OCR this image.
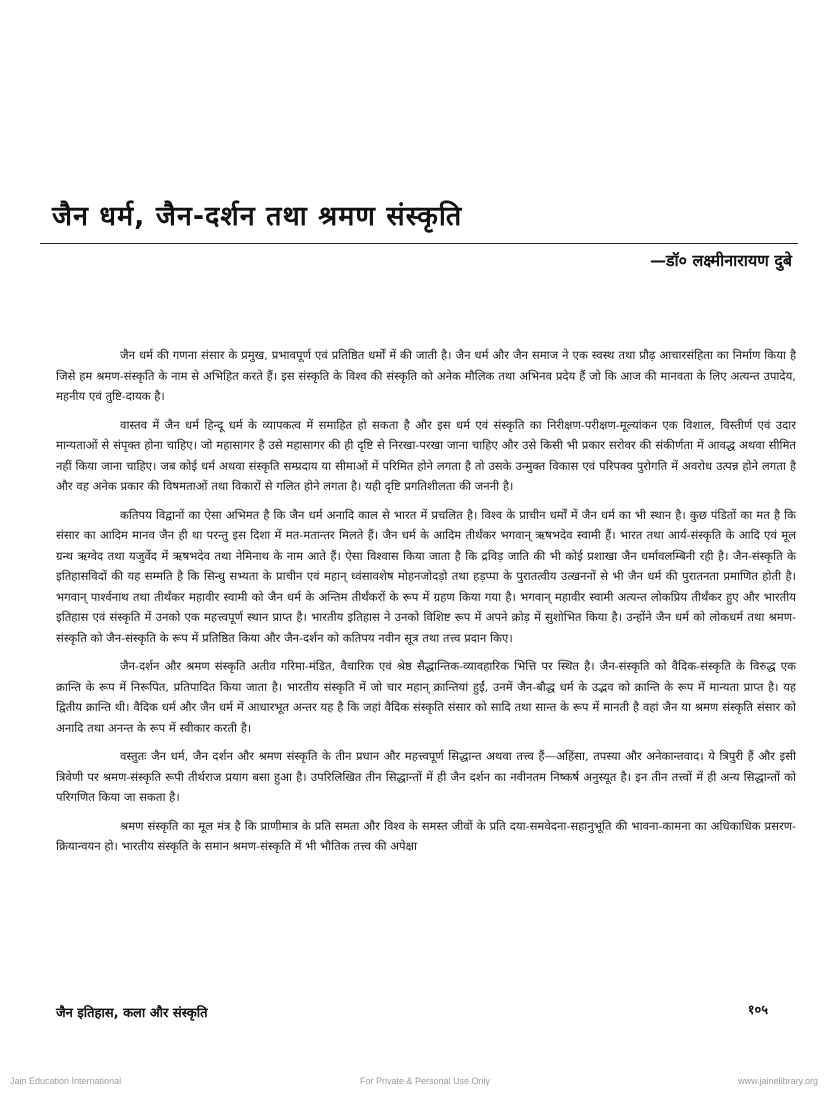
जैन धर्म, जैन-दर्शन तथा श्रमण संस्कृति
—डॉ० लक्ष्मीनारायण दुबे

जैन धर्म की गणना संसार के प्रमुख, प्रभावपूर्ण एवं प्रतिष्ठित धर्मों में की जाती है। जैन धर्म और जैन समाज ने एक स्वस्थ तथा प्रौढ़ आचारसंहिता का निर्माण किया है जिसे हम श्रमण-संस्कृति के नाम से अभिहित करते हैं। इस संस्कृति के विश्व की संस्कृति को अनेक मौलिक तथा अभिनव प्रदेय हैं जो कि आज की मानवता के लिए अत्यन्त उपादेय, महनीय एवं तुष्टि-दायक है।

वास्तव में जैन धर्म हिन्दू धर्म के व्यापकत्व में समाहित हो सकता है और इस धर्म एवं संस्कृति का निरीक्षण-परीक्षण-मूल्यांकन एक विशाल, विस्तीर्ण एवं उदार मान्यताओं से संपृक्त होना चाहिए। जो महासागर है उसे महासागर की ही दृष्टि से निरखा-परखा जाना चाहिए और उसे किसी भी प्रकार सरोवर की संकीर्णता में आवद्ध अथवा सीमित नहीं किया जाना चाहिए। जब कोई धर्म अथवा संस्कृति सम्प्रदाय या सीमाओं में परिमित होने लगता है तो उसके उन्मुक्त विकास एवं परिपक्व पुरोगति में अवरोध उत्पन्न होने लगता है और वह अनेक प्रकार की विषमताओं तथा विकारों से गलित होने लगता है। यही दृष्टि प्रगतिशीलता की जननी है।

कतिपय विद्वानों का ऐसा अभिमत है कि जैन धर्म अनादि काल से भारत में प्रचलित है। विश्व के प्राचीन धर्मों में जैन धर्म का भी स्थान है। कुछ पंडितों का मत है कि संसार का आदिम मानव जैन ही था परन्तु इस दिशा में मत-मतान्तर मिलते हैं। जैन धर्म के आदिम तीर्थंकर भगवान् ऋषभदेव स्वामी हैं। भारत तथा आर्य-संस्कृति के आदि एवं मूल ग्रन्थ ऋग्वेद तथा यजुर्वेद में ऋषभदेव तथा नेमिनाथ के नाम आते हैं। ऐसा विश्वास किया जाता है कि द्रविड़ जाति की भी कोई प्रशाखा जैन धर्मावलम्बिनी रही है। जैन-संस्कृति के इतिहासविदों की यह सम्मति है कि सिन्धु सभ्यता के प्राचीन एवं महान् ध्वंसावशेष मोहनजोदड़ो तथा हड़प्पा के पुरातत्वीय उत्खननों से भी जैन धर्म की पुरातनता प्रमाणित होती है। भगवान् पार्श्वनाथ तथा तीर्थंकर महावीर स्वामी को जैन धर्म के अन्तिम तीर्थंकरों के रूप में ग्रहण किया गया है। भगवान् महावीर स्वामी अत्यन्त लोकप्रिय तीर्थंकर हुए और भारतीय इतिहास एवं संस्कृति में उनको एक महत्त्वपूर्ण स्थान प्राप्त है। भारतीय इतिहास ने उनको विशिष्ट रूप में अपने क्रोड़ में सुशोभित किया है। उन्होंने जैन धर्म को लोकधर्म तथा श्रमण-संस्कृति को जैन-संस्कृति के रूप में प्रतिष्ठित किया और जैन-दर्शन को कतिपय नवीन सूत्र तथा तत्त्व प्रदान किए।

जैन-दर्शन और श्रमण संस्कृति अतीव गरिमा-मंडित, वैचारिक एवं श्रेष्ठ सैद्धान्तिक-व्यावहारिक भित्ति पर स्थित है। जैन-संस्कृति को वैदिक-संस्कृति के विरुद्ध एक क्रान्ति के रूप में निरूपित, प्रतिपादित किया जाता है। भारतीय संस्कृति में जो चार महान् क्रान्तियां हुईं, उनमें जैन-बौद्ध धर्म के उद्भव को क्रान्ति के रूप में मान्यता प्राप्त है। यह द्वितीय क्रान्ति थी। वैदिक धर्म और जैन धर्म में आधारभूत अन्तर यह है कि जहां वैदिक संस्कृति संसार को सादि तथा सान्त के रूप में मानती है वहां जैन या श्रमण संस्कृति संसार को अनादि तथा अनन्त के रूप में स्वीकार करती है।

वस्तुतः जैन धर्म, जैन दर्शन और श्रमण संस्कृति के तीन प्रधान और महत्त्वपूर्ण सिद्धान्त अथवा तत्त्व हैं—अहिंसा, तपस्या और अनेकान्तवाद। ये त्रिपुरी हैं और इसी त्रिवेणी पर श्रमण-संस्कृति रूपी तीर्थराज प्रयाग बसा हुआ है। उपरिलिखित तीन सिद्धान्तों में ही जैन दर्शन का नवीनतम निष्कर्ष अनुस्यूत है। इन तीन तत्त्वों में ही अन्य सिद्धान्तों को परिगणित किया जा सकता है।

श्रमण संस्कृति का मूल मंत्र है कि प्राणीमात्र के प्रति समता और विश्व के समस्त जीवों के प्रति दया-समवेदना-सहानुभूति की भावना-कामना का अधिकाधिक प्रसरण-क्रियान्वयन हो। भारतीय संस्कृति के समान श्रमण-संस्कृति में भी भौतिक तत्त्व की अपेक्षा

जैन इतिहास, कला और संस्कृति	१०५
Jain Education International	For Private & Personal Use Only	www.jainelibrary.org
